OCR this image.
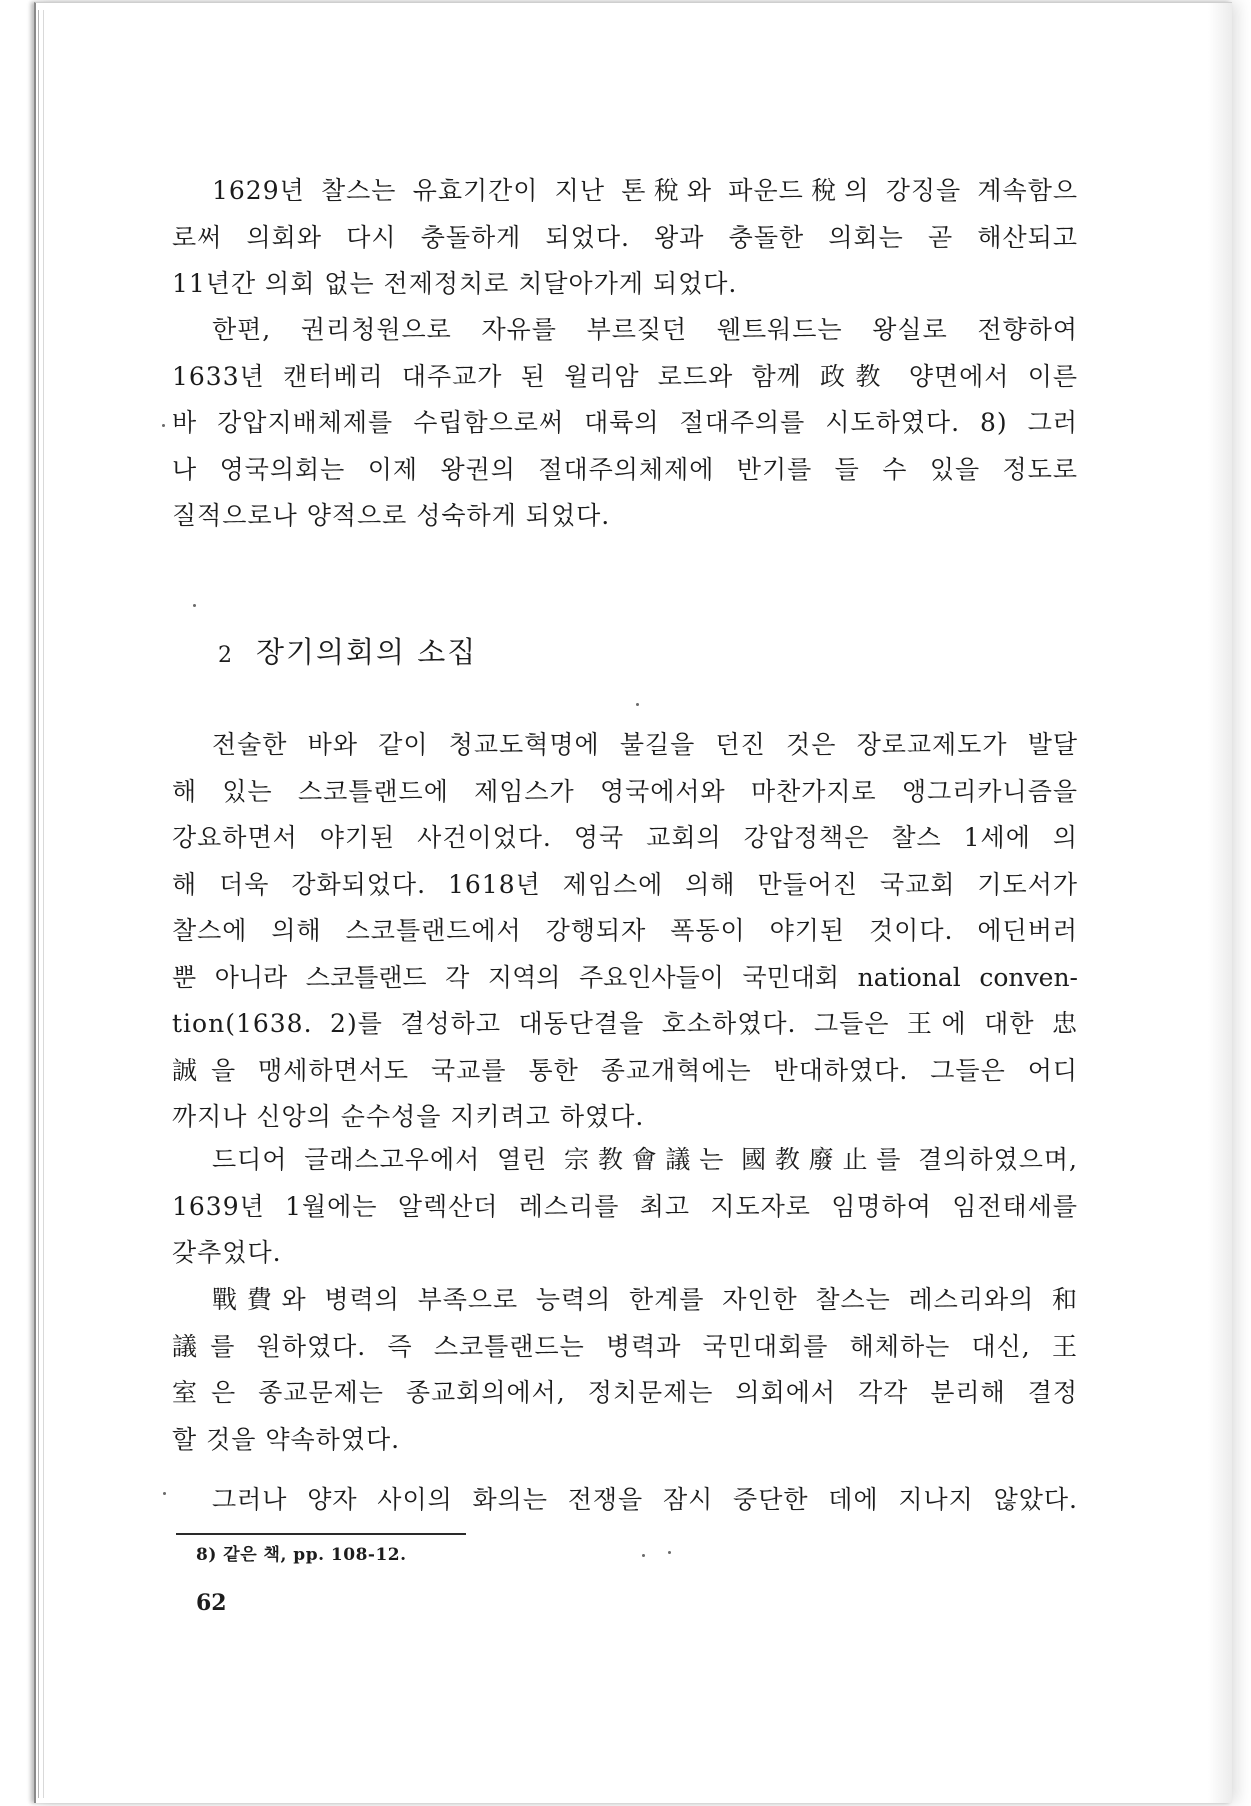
1629년 찰스는 유효기간이 지난 톤稅와 파운드稅의 강징을 계속함으

로써 의회와 다시 충돌하게 되었다. 왕과 충돌한 의회는 곧 해산되고

11년간 의회 없는 전제정치로 치달아가게 되었다.

한편, 권리청원으로 자유를 부르짖던 웬트워드는 왕실로 전향하여

1633년 캔터베리 대주교가 된 윌리암 로드와 함께 政教 양면에서 이른

바 강압지배체제를 수립함으로써 대륙의 절대주의를 시도하였다. 8) 그러

나 영국의회는 이제 왕권의 절대주의체제에 반기를 들 수 있을 정도로

질적으로나 양적으로 성숙하게 되었다.

2 장기의회의 소집

전술한 바와 같이 청교도혁명에 불길을 던진 것은 장로교제도가 발달

해 있는 스코틀랜드에 제임스가 영국에서와 마찬가지로 앵그리카니즘을

강요하면서 야기된 사건이었다. 영국 교회의 강압정책은 찰스 1세에 의

해 더욱 강화되었다. 1618년 제임스에 의해 만들어진 국교회 기도서가

찰스에 의해 스코틀랜드에서 강행되자 폭동이 야기된 것이다. 에딘버러

뿐 아니라 스코틀랜드 각 지역의 주요인사들이 국민대회 national conven-

tion(1638. 2)를 결성하고 대동단결을 호소하였다. 그들은 王에 대한 忠

誠을 맹세하면서도 국교를 통한 종교개혁에는 반대하였다. 그들은 어디

까지나 신앙의 순수성을 지키려고 하였다.

드디어 글래스고우에서 열린 宗教會議는 國教廢止를 결의하였으며,

1639년 1월에는 알렉산더 레스리를 최고 지도자로 임명하여 임전태세를

갖추었다.

戰費와 병력의 부족으로 능력의 한계를 자인한 찰스는 레스리와의 和

議를 원하였다. 즉 스코틀랜드는 병력과 국민대회를 해체하는 대신, 王

室은 종교문제는 종교회의에서, 정치문제는 의회에서 각각 분리해 결정

할 것을 약속하였다.

그러나 양자 사이의 화의는 전쟁을 잠시 중단한 데에 지나지 않았다.

8) 같은 책, pp. 108-12.
62
